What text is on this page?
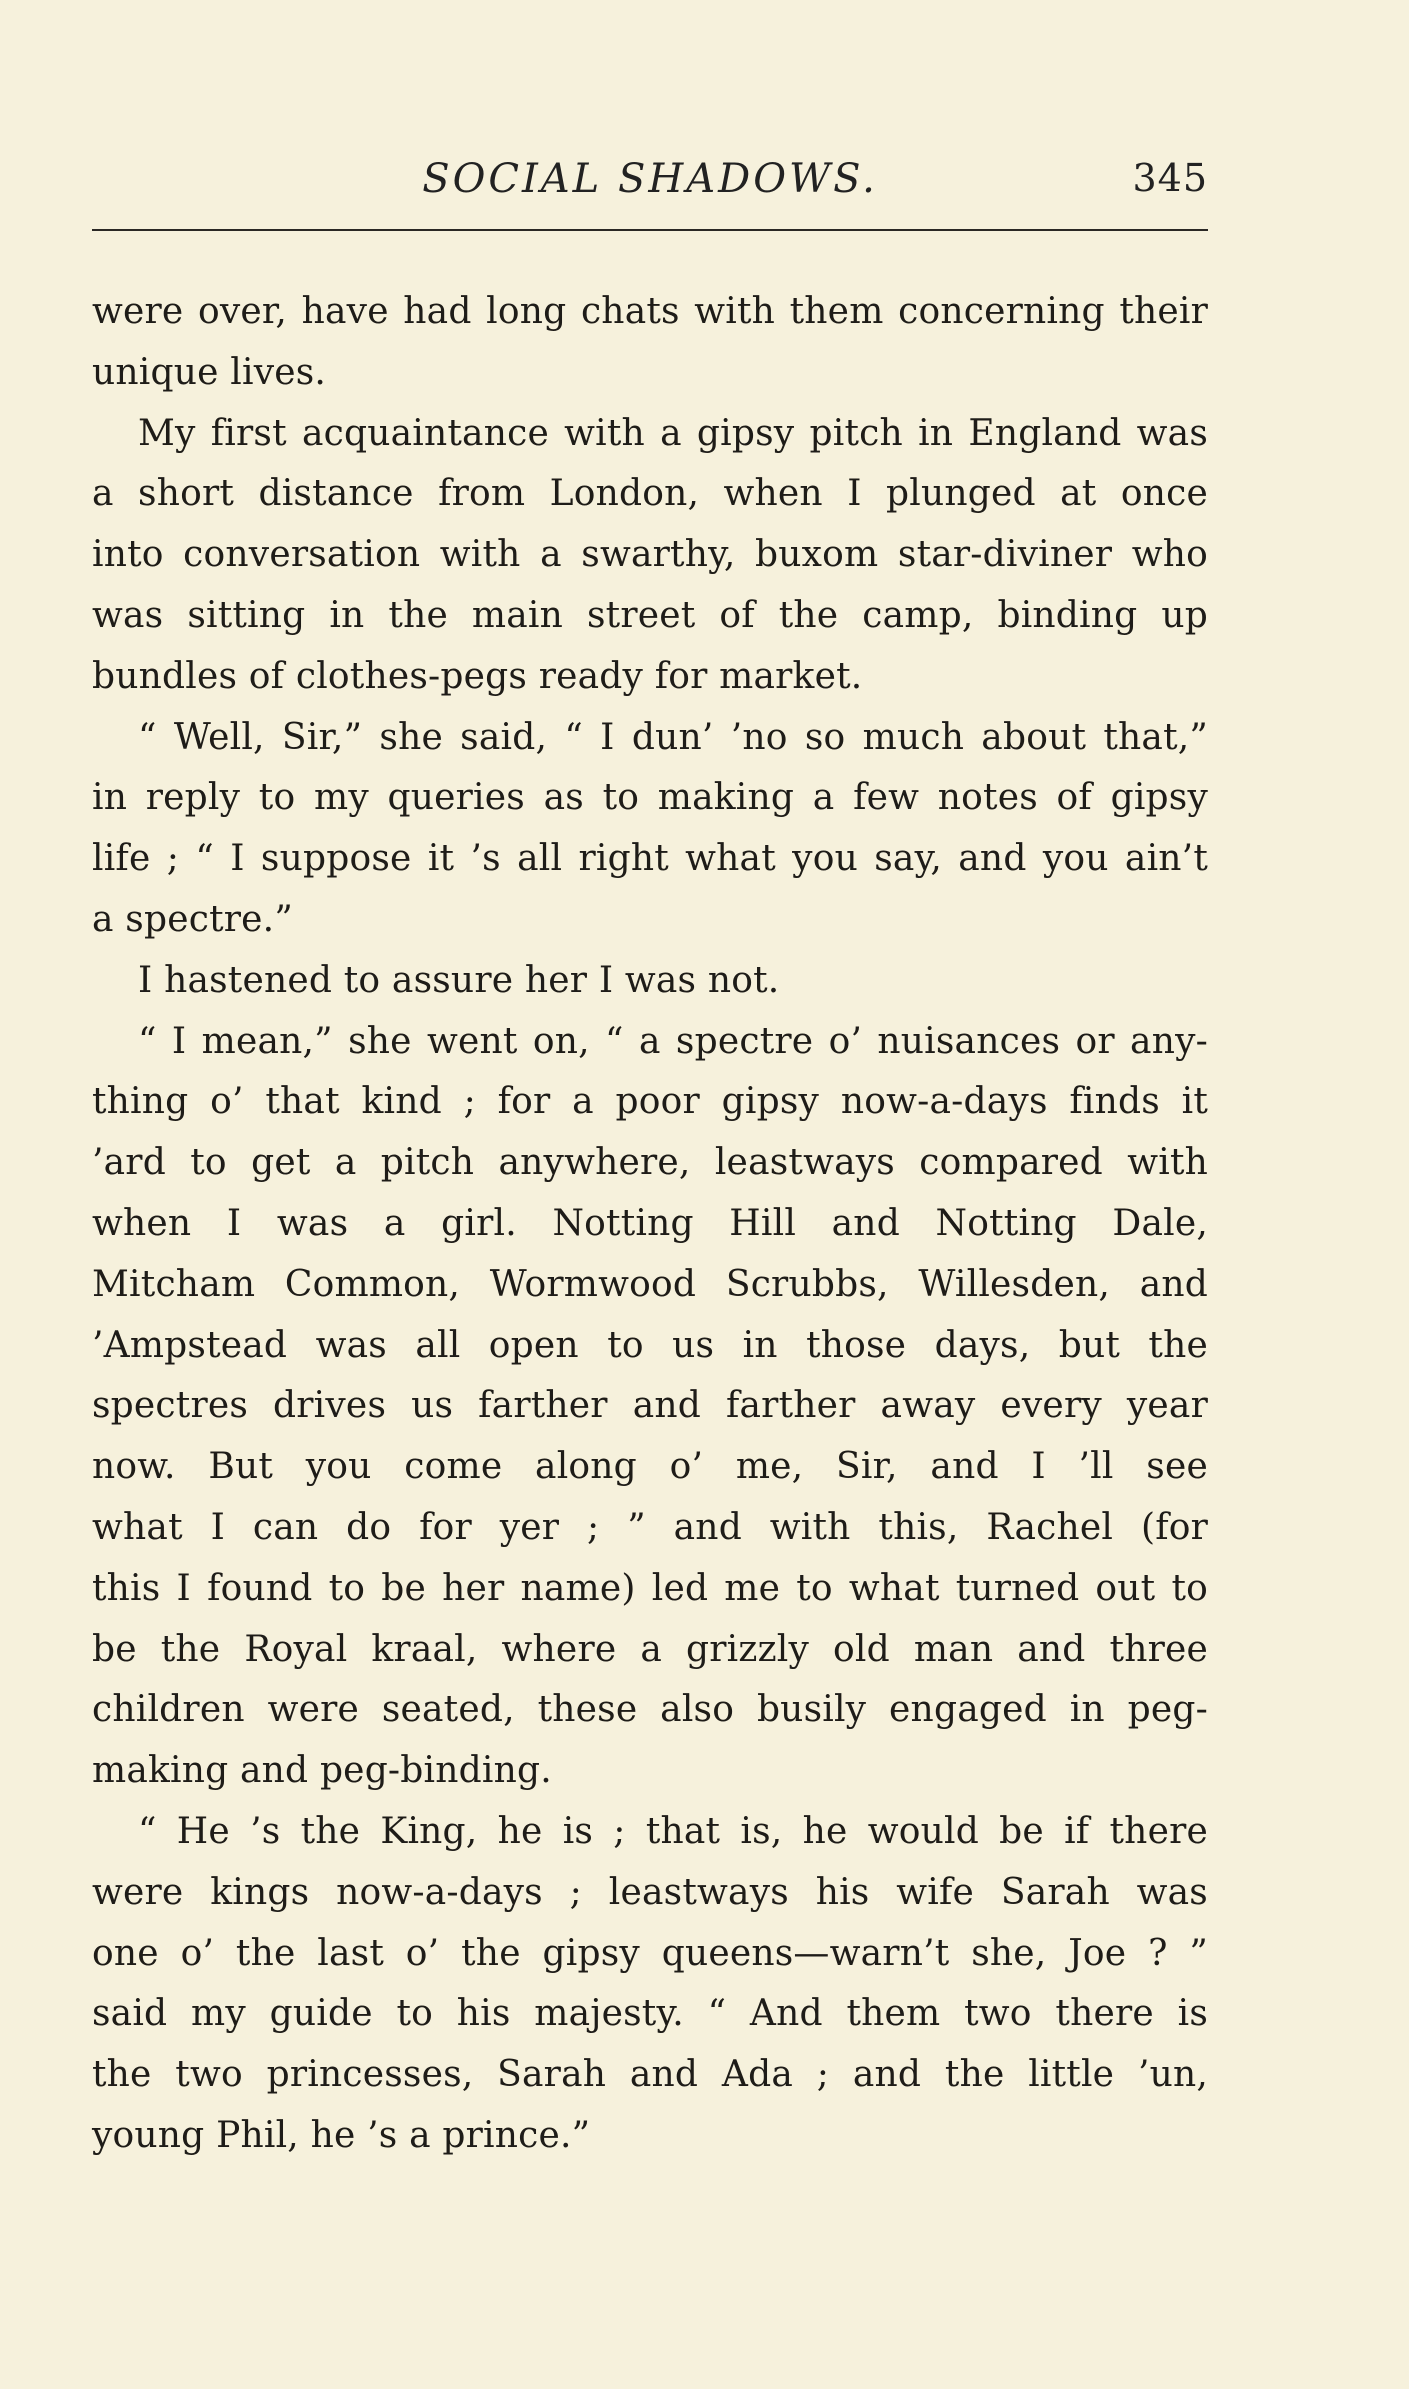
SOCIAL SHADOWS.	345
were over, have had long chats with them concerning their
unique lives.
My first acquaintance with a gipsy pitch in England was
a short distance from London, when I plunged at once
into conversation with a swarthy, buxom star-diviner who
was sitting in the main street of the camp, binding up
bundles of clothes-pegs ready for market.
“ Well, Sir,” she said, “ I dun’ ’no so much about that,”
in reply to my queries as to making a few notes of gipsy
life ; “ I suppose it ’s all right what you say, and you ain’t
a spectre.”
I hastened to assure her I was not.
“ I mean,” she went on, “ a spectre o’ nuisances or any-
thing o’ that kind ; for a poor gipsy now-a-days finds it
’ard to get a pitch anywhere, leastways compared with
when I was a girl. Notting Hill and Notting Dale,
Mitcham Common, Wormwood Scrubbs, Willesden, and
’Ampstead was all open to us in those days, but the
spectres drives us farther and farther away every year
now. But you come along o’ me, Sir, and I ’ll see
what I can do for yer ; ” and with this, Rachel (for
this I found to be her name) led me to what turned out to
be the Royal kraal, where a grizzly old man and three
children were seated, these also busily engaged in peg-
making and peg-binding.
“ He ’s the King, he is ; that is, he would be if there
were kings now-a-days ; leastways his wife Sarah was
one o’ the last o’ the gipsy queens—warn’t she, Joe ? ”
said my guide to his majesty. “ And them two there is
the two princesses, Sarah and Ada ; and the little ’un,
young Phil, he ’s a prince.”
